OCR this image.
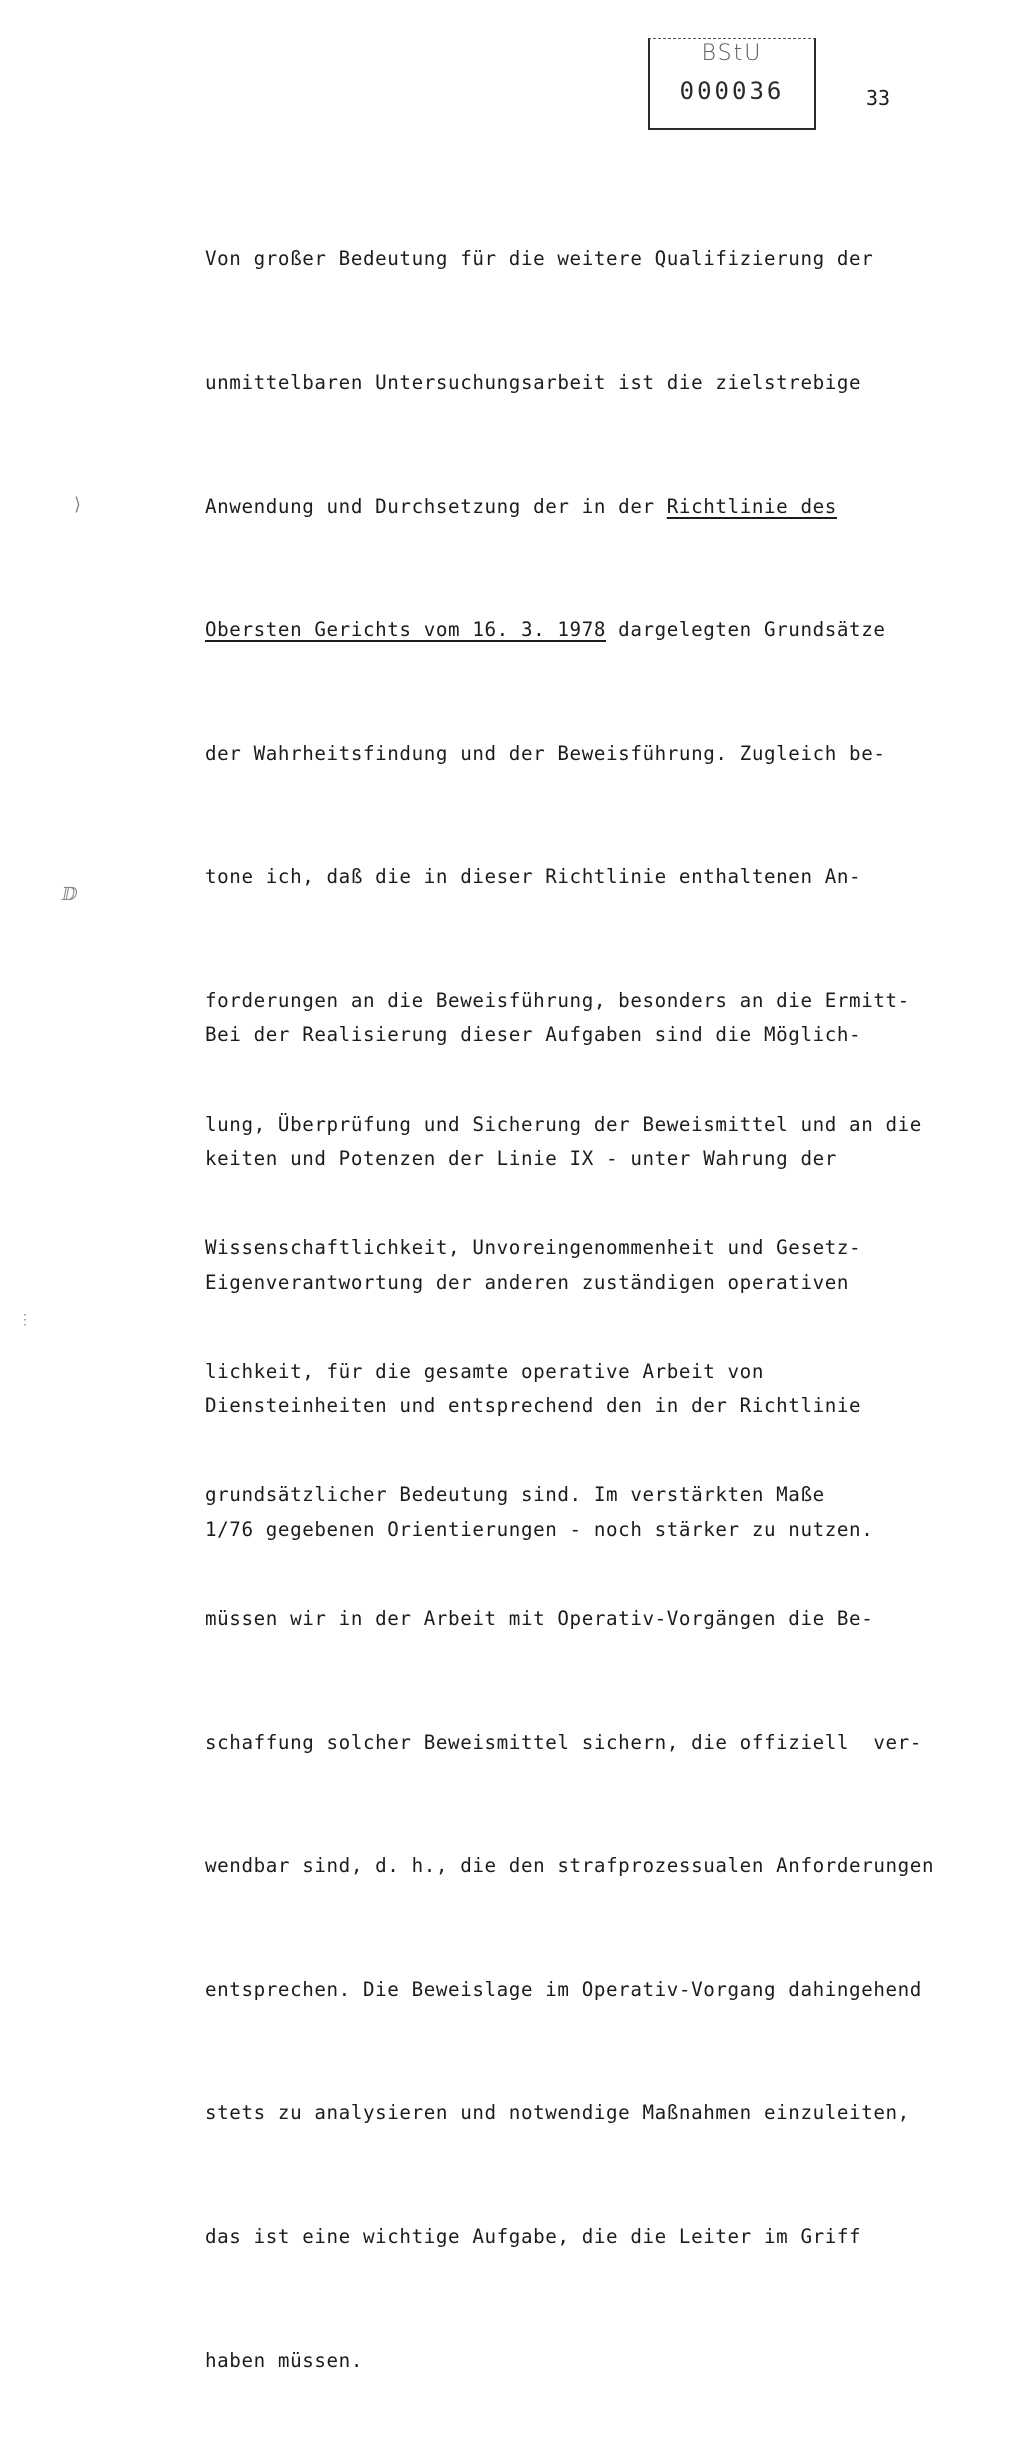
BStU
000036	33

Von großer Bedeutung für die weitere Qualifizierung der

unmittelbaren Untersuchungsarbeit ist die zielstrebige

Anwendung und Durchsetzung der in der Richtlinie des

Obersten Gerichts vom 16. 3. 1978 dargelegten Grundsätze

der Wahrheitsfindung und der Beweisführung. Zugleich be-

tone ich, daß die in dieser Richtlinie enthaltenen An-

forderungen an die Beweisführung, besonders an die Ermitt-

lung, Überprüfung und Sicherung der Beweismittel und an die

Wissenschaftlichkeit, Unvoreingenommenheit und Gesetz-

lichkeit, für die gesamte operative Arbeit von

grundsätzlicher Bedeutung sind. Im verstärkten Maße

müssen wir in der Arbeit mit Operativ-Vorgängen die Be-

schaffung solcher Beweismittel sichern, die offiziell  ver-

wendbar sind, d. h., die den strafprozessualen Anforderungen

entsprechen. Die Beweislage im Operativ-Vorgang dahingehend

stets zu analysieren und notwendige Maßnahmen einzuleiten,

das ist eine wichtige Aufgabe, die die Leiter im Griff

haben müssen.

Bei der Realisierung dieser Aufgaben sind die Möglich-

keiten und Potenzen der Linie IX - unter Wahrung der

Eigenverantwortung der anderen zuständigen operativen

Diensteinheiten und entsprechend den in der Richtlinie

1/76 gegebenen Orientierungen - noch stärker zu nutzen.

⟩
ⅅ
⋮
